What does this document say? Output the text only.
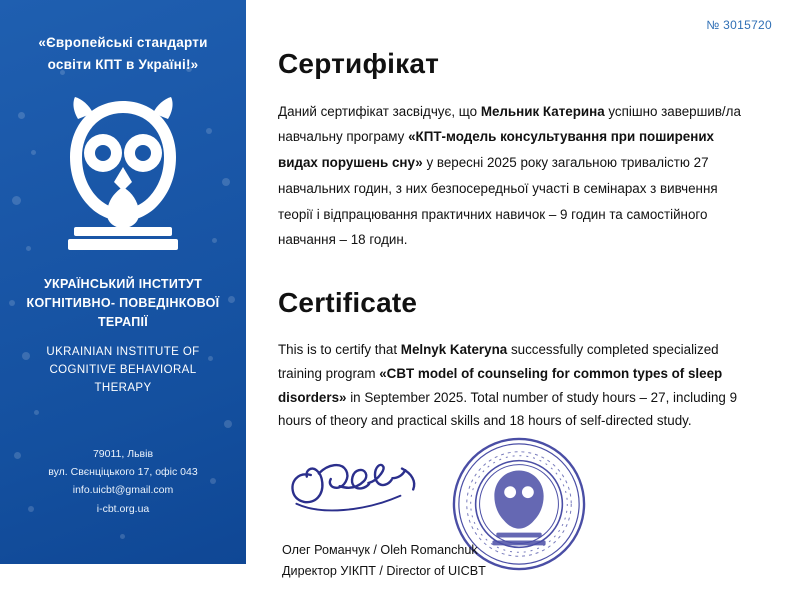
«Європейські стандарти освіти КПТ в Україні!»
УКРАЇНСЬКИЙ ІНСТИТУТ КОГНІТИВНО- ПОВЕДІНКОВОЇ ТЕРАПІЇ
UKRAINIAN INSTITUTE OF COGNITIVE BEHAVIORAL THERAPY
79011, Львів
вул. Свєнціцького 17, офіс 043
info.uicbt@gmail.com
i-cbt.org.ua
№ 3015720
Сертифікат

Даний сертифікат засвідчує, що Мельник Катерина успішно завершив/ла навчальну програму «КПТ-модель консультування при поширених видах порушень сну» у вересні 2025 року загальною тривалістю 27 навчальних годин, з них безпосередньої участі в семінарах з вивчення теорії і відпрацювання практичних навичок – 9 годин та самостійного навчання – 18 годин.

Certificate

This is to certify that Melnyk Kateryna successfully completed specialized training program «CBT model of counseling for common types of sleep disorders» in September 2025. Total number of study hours – 27, including 9 hours of theory and practical skills and 18 hours of self-directed study.

Олег Романчук / Oleh Romanchuk
Директор УІКПТ / Director of UICBT
